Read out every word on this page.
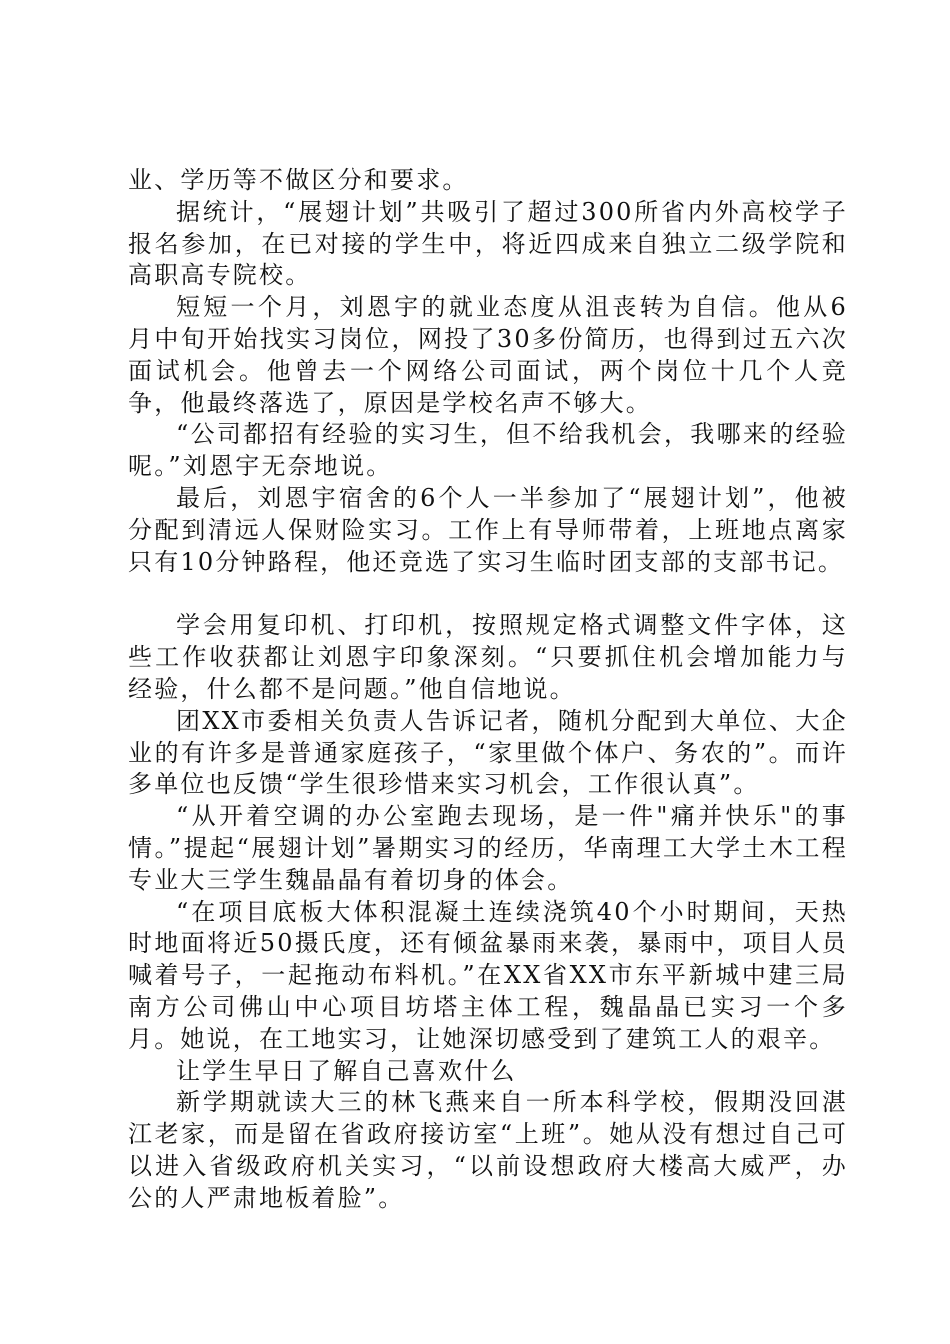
业、学历等不做区分和要求。

据统计，“展翅计划”共吸引了超过300所省内外高校学子报名参加，在已对接的学生中，将近四成来自独立二级学院和高职高专院校。

短短一个月，刘恩宇的就业态度从沮丧转为自信。他从6月中旬开始找实习岗位，网投了30多份简历，也得到过五六次面试机会。他曾去一个网络公司面试，两个岗位十几个人竞争，他最终落选了，原因是学校名声不够大。

“公司都招有经验的实习生，但不给我机会，我哪来的经验呢。”刘恩宇无奈地说。

最后，刘恩宇宿舍的6个人一半参加了“展翅计划”，他被分配到清远人保财险实习。工作上有导师带着，上班地点离家只有10分钟路程，他还竞选了实习生临时团支部的支部书记。

学会用复印机、打印机，按照规定格式调整文件字体，这些工作收获都让刘恩宇印象深刻。“只要抓住机会增加能力与经验，什么都不是问题。”他自信地说。

团XX市委相关负责人告诉记者，随机分配到大单位、大企业的有许多是普通家庭孩子，“家里做个体户、务农的”。而许多单位也反馈“学生很珍惜来实习机会，工作很认真”。

“从开着空调的办公室跑去现场，是一件"痛并快乐"的事情。”提起“展翅计划”暑期实习的经历，华南理工大学土木工程专业大三学生魏晶晶有着切身的体会。

“在项目底板大体积混凝土连续浇筑40个小时期间，天热时地面将近50摄氏度，还有倾盆暴雨来袭，暴雨中，项目人员喊着号子，一起拖动布料机。”在XX省XX市东平新城中建三局南方公司佛山中心项目坊塔主体工程，魏晶晶已实习一个多月。她说，在工地实习，让她深切感受到了建筑工人的艰辛。

让学生早日了解自己喜欢什么

新学期就读大三的林飞燕来自一所本科学校，假期没回湛江老家，而是留在省政府接访室“上班”。她从没有想过自己可以进入省级政府机关实习，“以前设想政府大楼高大威严，办公的人严肃地板着脸”。
